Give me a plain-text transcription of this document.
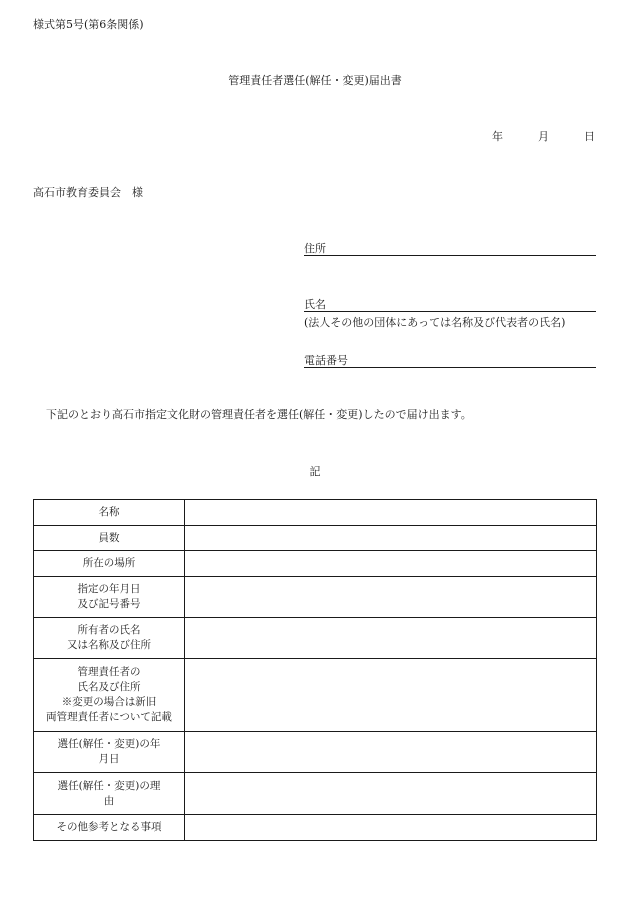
様式第5号(第6条関係)
管理責任者選任(解任・変更)届出書
年	月	日
高石市教育委員会　様
住所
氏名
(法人その他の団体にあっては名称及び代表者の氏名)
電話番号
下記のとおり高石市指定文化財の管理責任者を選任(解任・変更)したので届け出ます。
記
名称	

員数	

所在の場所	

指定の年月日
及び記号番号	

所有者の氏名
又は名称及び住所	

管理責任者の
氏名及び住所
※変更の場合は新旧
両管理責任者について記載	

選任(解任・変更)の年
月日	

選任(解任・変更)の理
由	

その他参考となる事項	
